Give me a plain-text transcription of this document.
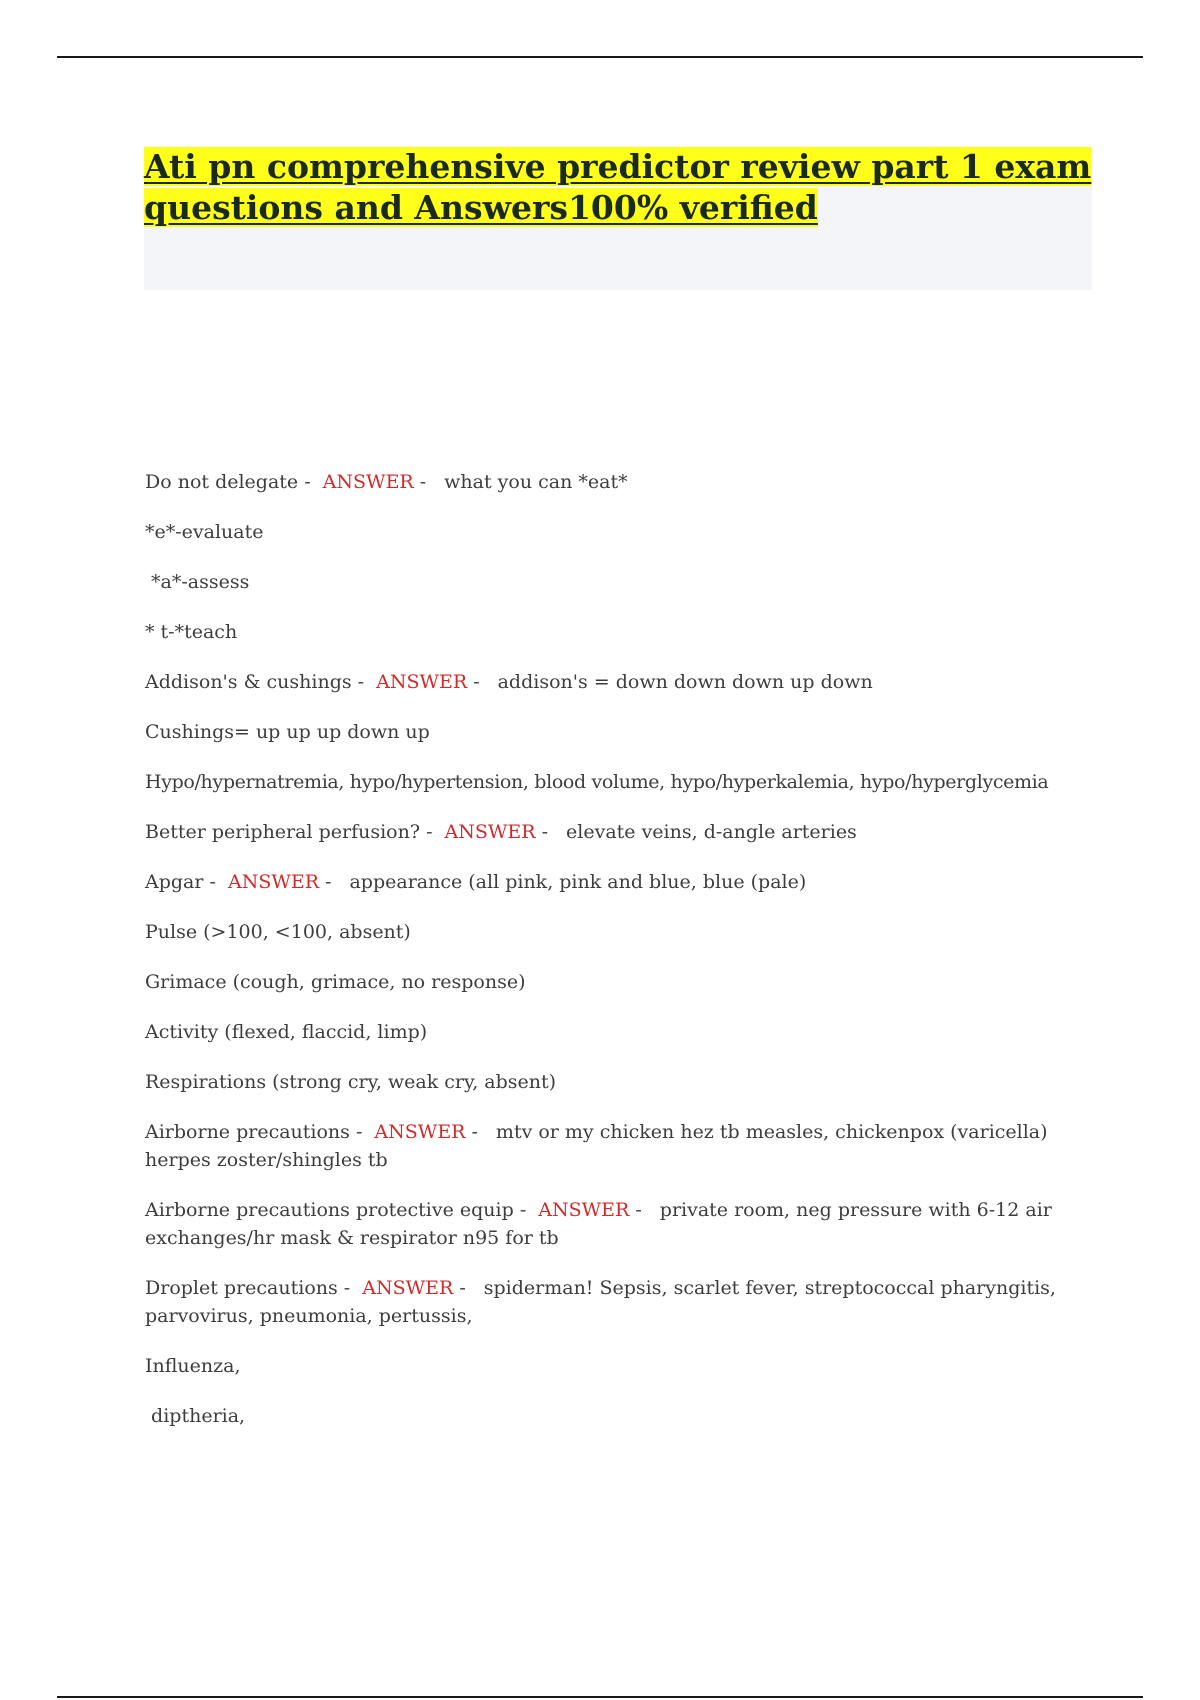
Ati pn comprehensive predictor review part 1 exam
questions and Answers100% verified

Do not delegate - ANSWER - what you can *eat*

*e*-evaluate

*a*-assess

* t-*teach

Addison's & cushings - ANSWER - addison's = down down down up down

Cushings= up up up down up

Hypo/hypernatremia, hypo/hypertension, blood volume, hypo/hyperkalemia, hypo/hyperglycemia

Better peripheral perfusion? - ANSWER - elevate veins, d-angle arteries

Apgar - ANSWER - appearance (all pink, pink and blue, blue (pale)

Pulse (>100, <100, absent)

Grimace (cough, grimace, no response)

Activity (flexed, flaccid, limp)

Respirations (strong cry, weak cry, absent)

Airborne precautions - ANSWER - mtv or my chicken hez tb measles, chickenpox (varicella) herpes zoster/shingles tb

Airborne precautions protective equip - ANSWER - private room, neg pressure with 6-12 air exchanges/hr mask & respirator n95 for tb

Droplet precautions - ANSWER - spiderman! Sepsis, scarlet fever, streptococcal pharyngitis, parvovirus, pneumonia, pertussis,

Influenza,

diptheria,
